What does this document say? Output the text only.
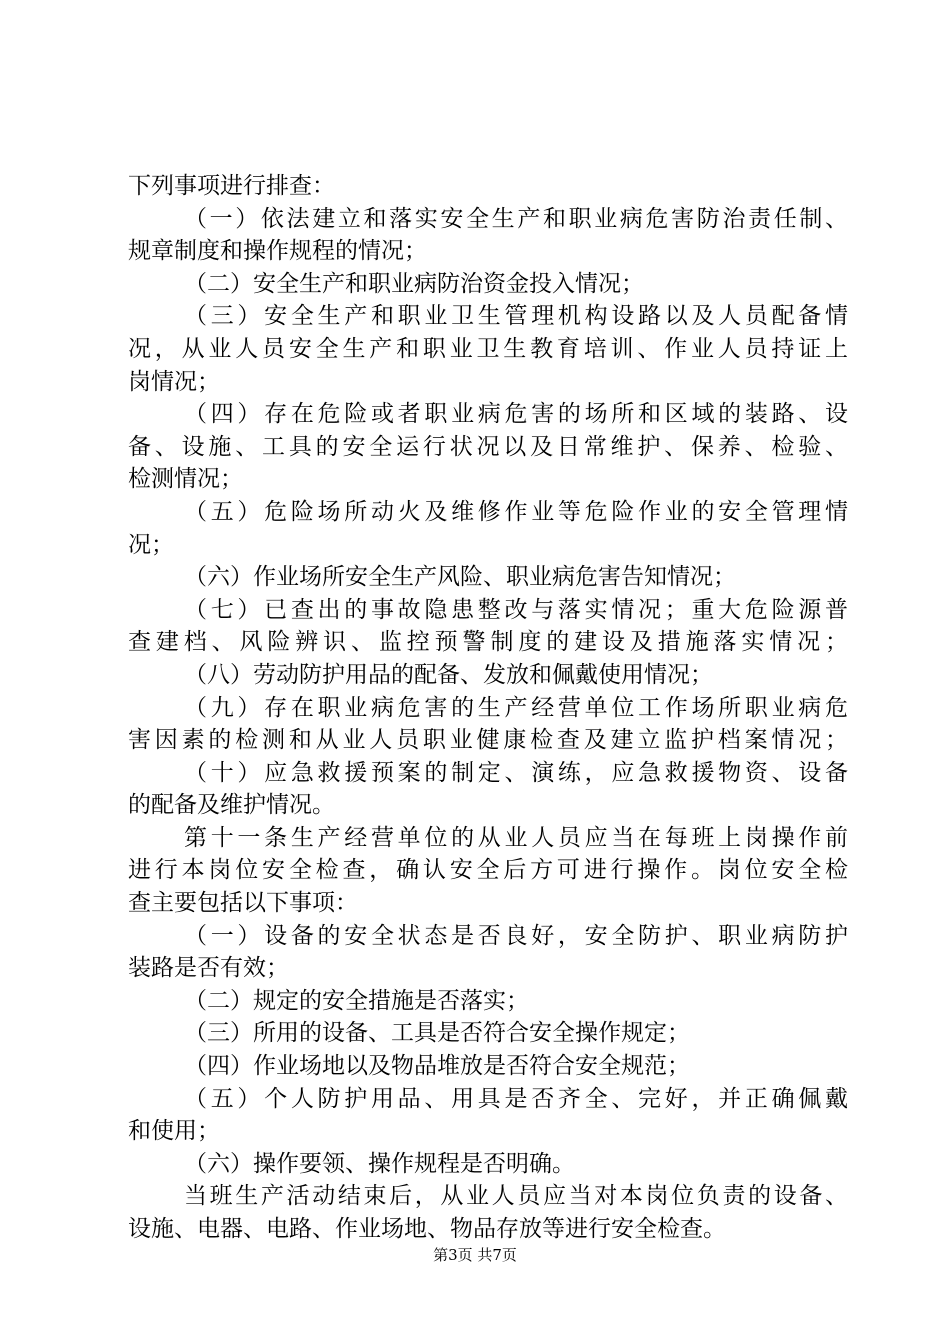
下列事项进行排查：
（一）依法建立和落实安全生产和职业病危害防治责任制、
规章制度和操作规程的情况；
（二）安全生产和职业病防治资金投入情况；
（三）安全生产和职业卫生管理机构设路以及人员配备情
况，从业人员安全生产和职业卫生教育培训、作业人员持证上
岗情况；
（四）存在危险或者职业病危害的场所和区域的装路、设
备、设施、工具的安全运行状况以及日常维护、保养、检验、
检测情况；
（五）危险场所动火及维修作业等危险作业的安全管理情
况；
（六）作业场所安全生产风险、职业病危害告知情况；
（七）已查出的事故隐患整改与落实情况；重大危险源普
查建档、风险辨识、监控预警制度的建设及措施落实情况；
（八）劳动防护用品的配备、发放和佩戴使用情况；
（九）存在职业病危害的生产经营单位工作场所职业病危
害因素的检测和从业人员职业健康检查及建立监护档案情况；
（十）应急救援预案的制定、演练，应急救援物资、设备
的配备及维护情况。
第十一条生产经营单位的从业人员应当在每班上岗操作前
进行本岗位安全检查，确认安全后方可进行操作。岗位安全检
查主要包括以下事项：
（一）设备的安全状态是否良好，安全防护、职业病防护
装路是否有效；
（二）规定的安全措施是否落实；
（三）所用的设备、工具是否符合安全操作规定；
（四）作业场地以及物品堆放是否符合安全规范；
（五）个人防护用品、用具是否齐全、完好，并正确佩戴
和使用；
（六）操作要领、操作规程是否明确。
当班生产活动结束后，从业人员应当对本岗位负责的设备、
设施、电器、电路、作业场地、物品存放等进行安全检查。
第3页 共7页
